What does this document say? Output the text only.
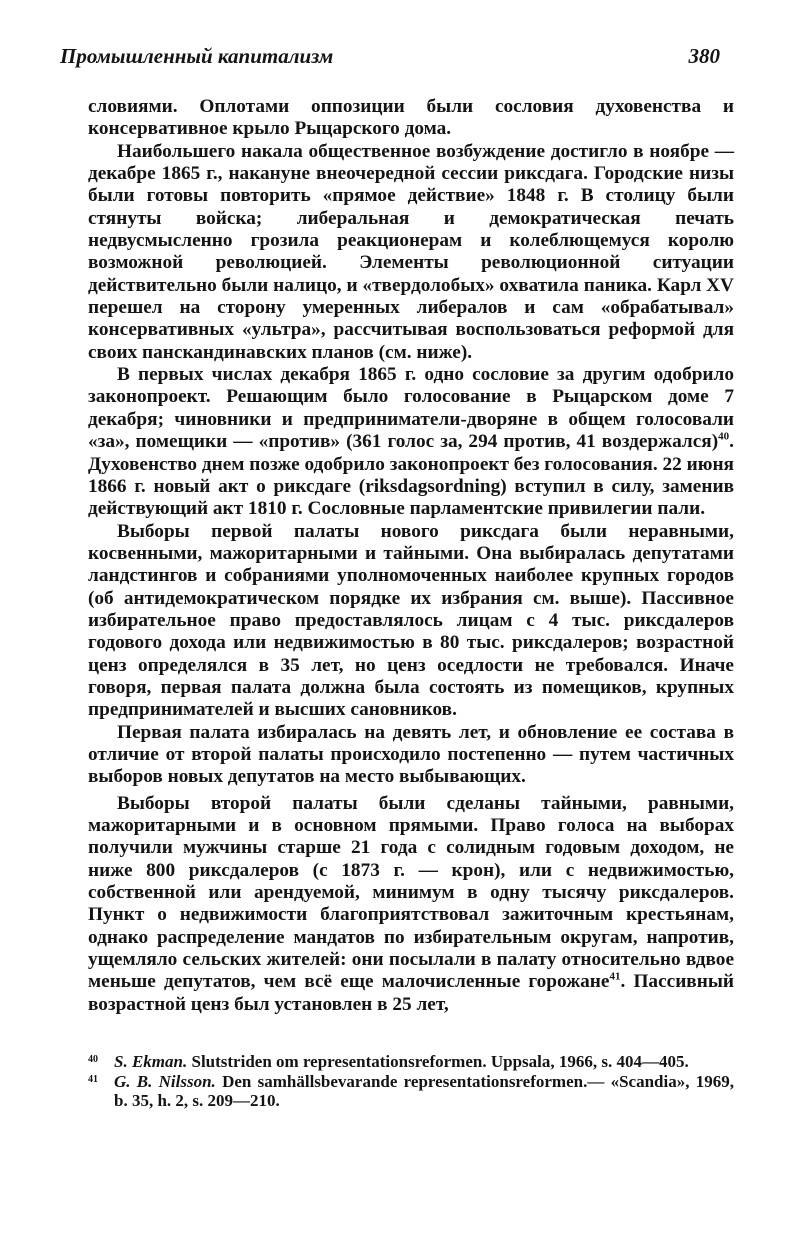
Промышленный капитализм	380

словиями. Оплотами оппозиции были сословия духовенства и консервативное крыло Рыцарского дома.

Наибольшего накала общественное возбуждение достигло в ноябре — декабре 1865 г., накануне внеочередной сессии риксдага. Городские низы были готовы повторить «прямое действие» 1848 г. В столицу были стянуты войска; либеральная и демократическая печать недвусмысленно грозила реакционерам и колеблющемуся королю возможной революцией. Элементы революционной ситуации действительно были налицо, и «твердолобых» охватила паника. Карл XV перешел на сторону умеренных либералов и сам «обрабатывал» консервативных «ультра», рассчитывая воспользоваться реформой для своих панскандинавских планов (см. ниже).

В первых числах декабря 1865 г. одно сословие за другим одобрило законопроект. Решающим было голосование в Рыцарском доме 7 декабря; чиновники и предприниматели-дворяне в общем голосовали «за», помещики — «против» (361 голос за, 294 против, 41 воздержался)$^{40}$. Духовенство днем позже одобрило законопроект без голосования. 22 июня 1866 г. новый акт о риксдаге (riksdagsordning) вступил в силу, заменив действующий акт 1810 г. Сословные парламентские привилегии пали.

Выборы первой палаты нового риксдага были неравными, косвенными, мажоритарными и тайными. Она выбиралась депутатами ландстингов и собраниями уполномоченных наиболее крупных городов (об антидемократическом порядке их избрания см. выше). Пассивное избирательное право предоставлялось лицам с 4 тыс. риксдалеров годового дохода или недвижимостью в 80 тыс. риксдалеров; возрастной ценз определялся в 35 лет, но ценз оседлости не требовался. Иначе говоря, первая палата должна была состоять из помещиков, крупных предпринимателей и высших сановников.

Первая палата избиралась на девять лет, и обновление ее состава в отличие от второй палаты происходило постепенно — путем частичных выборов новых депутатов на место выбывающих.

Выборы второй палаты были сделаны тайными, равными, мажоритарными и в основном прямыми. Право голоса на выборах получили мужчины старше 21 года с солидным годовым доходом, не ниже 800 риксдалеров (с 1873 г. — крон), или с недвижимостью, собственной или арендуемой, минимум в одну тысячу риксдалеров. Пункт о недвижимости благоприятствовал зажиточным крестьянам, однако распределение мандатов по избирательным округам, напротив, ущемляло сельских жителей: они посылали в палату относительно вдвое меньше депутатов, чем всё еще малочисленные горожане$^{41}$. Пассивный возрастной ценз был установлен в 25 лет,

40 S. Ekman. Slutstriden om representationsreformen. Uppsala, 1966, s. 404—405.
41 G. B. Nilsson. Den samhällsbevarande representationsreformen.— «Scandia», 1969, b. 35, h. 2, s. 209—210.
